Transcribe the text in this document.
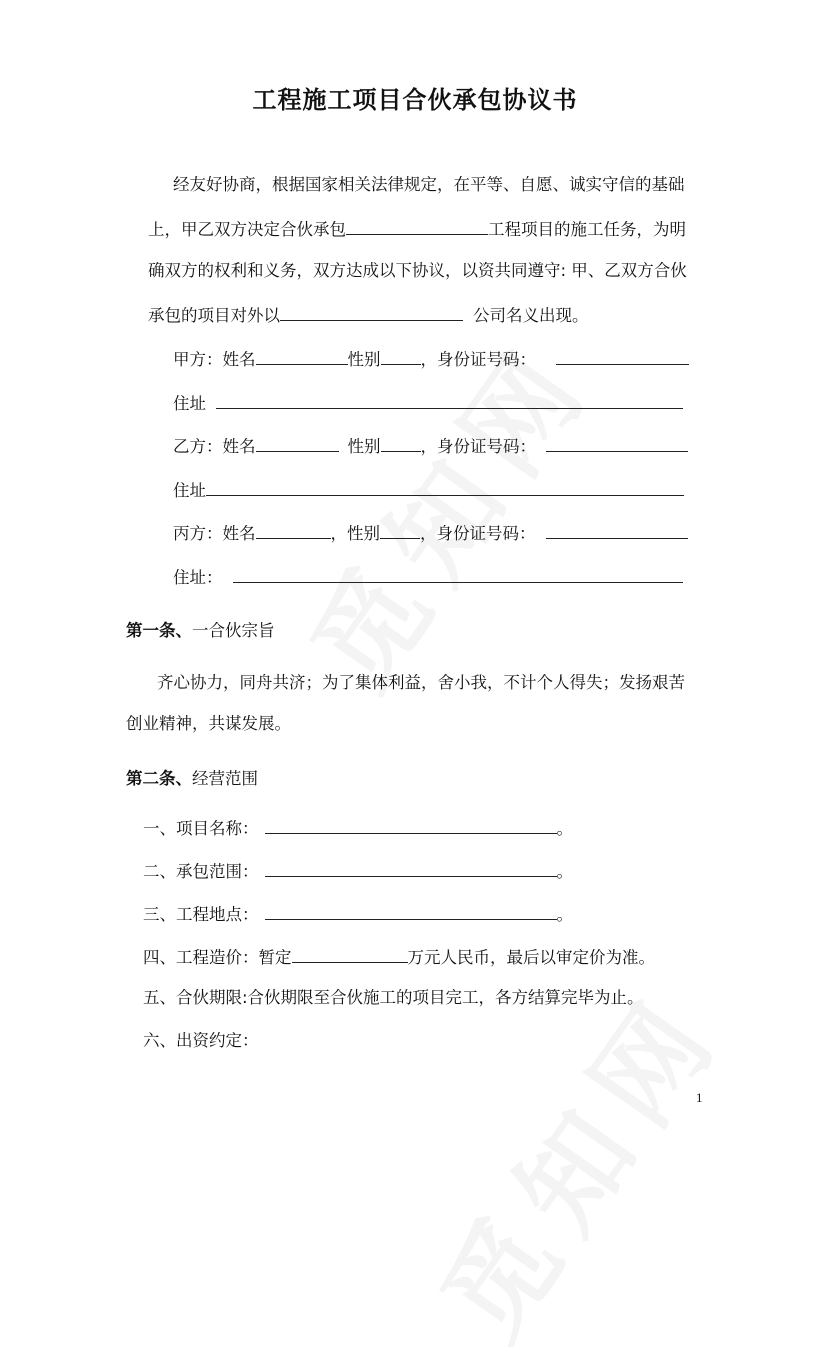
工程施工项目合伙承包协议书
经友好协商，根据国家相关法律规定，在平等、自愿、诚实守信的基础
上，甲乙双方决定合伙承包	工程项目的施工任务，为明
确双方的权利和义务，双方达成以下协议，以资共同遵守: 甲、乙双方合伙
承包的项目对外以	公司名义出现。
甲方：姓名	性别 ，身份证号码：
住址
乙方：姓名	性别 ，身份证号码：
住址
丙方：姓名	，性别 ，身份证号码：
住址：
第一条、一合伙宗旨
齐心协力，同舟共济；为了集体利益，舍小我，不计个人得失；发扬艰苦
创业精神，共谋发展。
第二条、经营范围
一、项目名称：	。
二、承包范围：	。
三、工程地点：	。
四、工程造价：暂定	万元人民币，最后以审定价为准。
五、合伙期限:合伙期限至合伙施工的项目完工，各方结算完毕为止。
六、出资约定：
1
